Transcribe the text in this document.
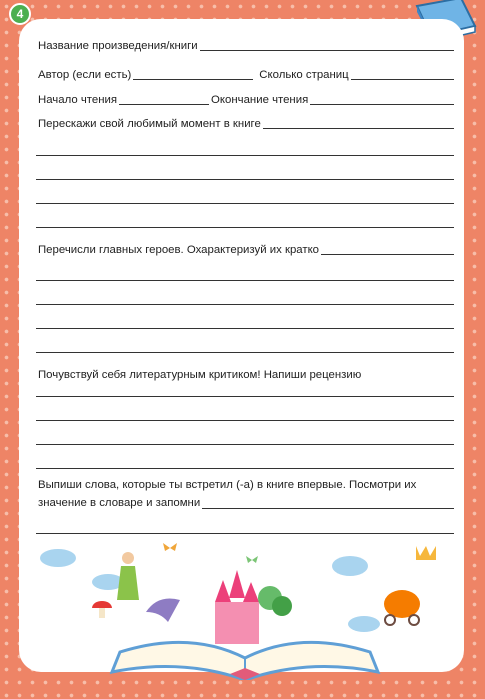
4
Название произведения/книги
Автор (если есть)	Сколько страниц
Начало чтения	Окончание чтения
Перескажи свой любимый момент в книге
Перечисли главных героев. Охарактеризуй их кратко
Почувствуй себя литературным критиком! Напиши рецензию
Выпиши слова, которые ты встретил (-а) в книге впервые. Посмотри их
значение в словаре и запомни
